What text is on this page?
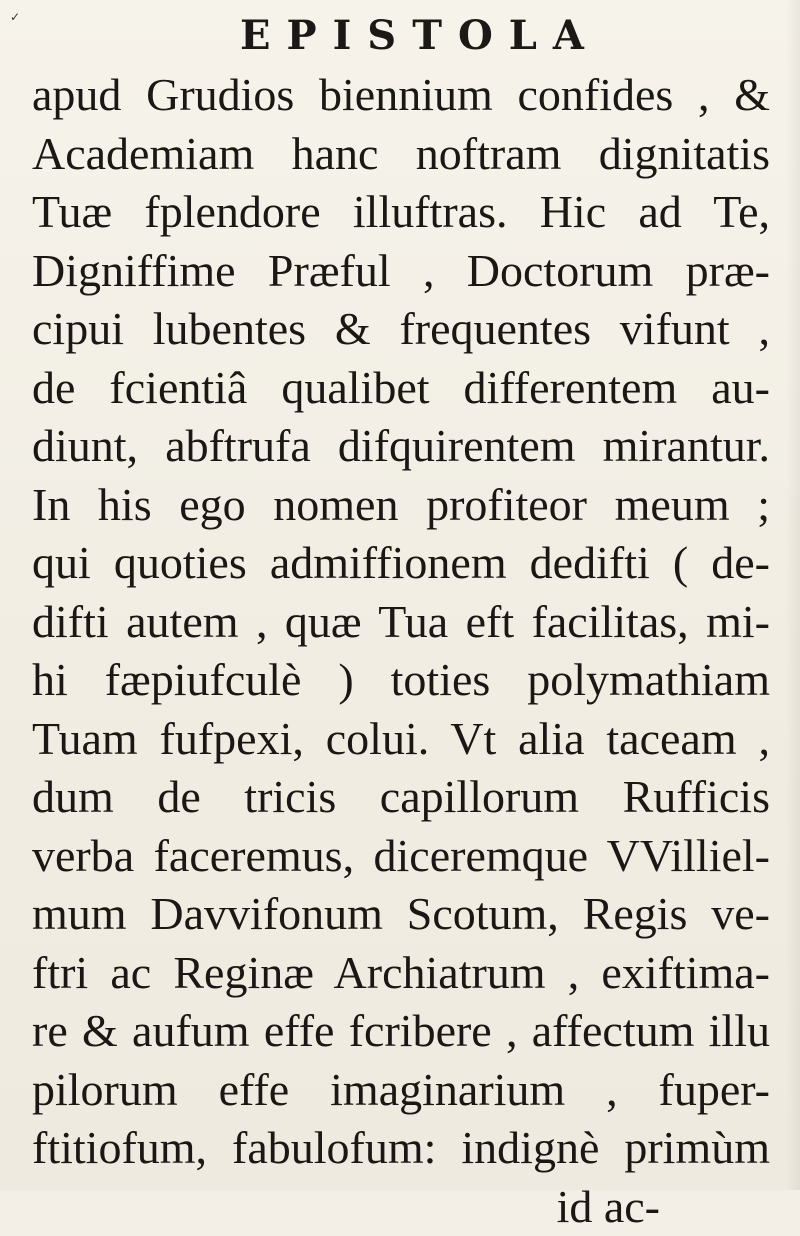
✓	EPISTOLA
apud Grudios biennium confides , &
Academiam hanc noftram dignitatis
Tuæ fplendore illuftras. Hic ad Te,
Digniffime Præful , Doctorum præ-
cipui lubentes & frequentes vifunt ,
de fcientiâ qualibet differentem au-
diunt, abftrufa difquirentem mirantur.
In his ego nomen profiteor meum ;
qui quoties admiffionem dedifti ( de-
difti autem , quæ Tua eft facilitas, mi-
hi fæpiufculè ) toties polymathiam
Tuam fufpexi, colui. Vt alia taceam ,
dum de tricis capillorum Rufficis
verba faceremus, diceremque VVilliel-
mum Davvifonum Scotum, Regis ve-
ftri ac Reginæ Archiatrum , exiftima-
re & aufum effe fcribere , affectum illu
pilorum effe imaginarium , fuper-
ftitiofum, fabulofum: indignè primùm
id ac-
